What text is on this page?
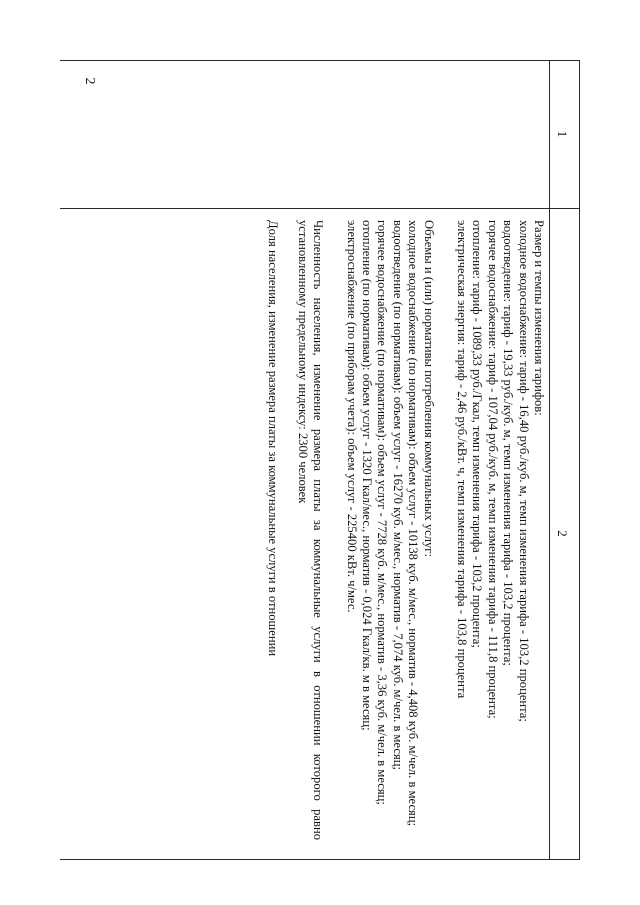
2
1
2

Размер и темпы изменения тарифов:

холодное водоснабжение: тариф - 16,40 руб./куб. м, темп изменения тарифа - 103,2 процента;

водоотведение: тариф - 19,33 руб./куб. м, темп изменения тарифа - 103,2 процента;

горячее водоснабжение: тариф - 107,04 руб./куб. м, темп изменения тарифа - 111,8 процента;

отопление: тариф - 1089,33 руб./Гкал, темп изменения тарифа - 103,2 процента;

электрическая энергия: тариф - 2,46 руб./кВт. ч, темп изменения тарифа - 103,8 процента

Объемы и (или) нормативы потребления коммунальных услуг:

холодное водоснабжение (по нормативам): объем услуг - 10138 куб. м/мес., норматив - 4,408 куб. м/чел. в месяц;

водоотведение (по нормативам): объем услуг - 16270 куб. м/мес., норматив - 7,074 куб. м/чел. в месяц;

горячее водоснабжение (по нормативам): объем услуг - 7728 куб. м/мес., норматив - 3,36 куб. м/чел. в месяц;

отопление (по нормативам): объем услуг - 1320 Гкал/мес., норматив - 0,024 Гкал/кв. м в месяц;

электроснабжение (по приборам учета): объем услуг - 225400 кВт. ч/мес.

Численность населения, изменение размера платы за коммунальные услуги в отношении которого равно установленному предельному индексу: 2300 человек

Доля населения, изменение размера платы за коммунальные услуги в отношении
